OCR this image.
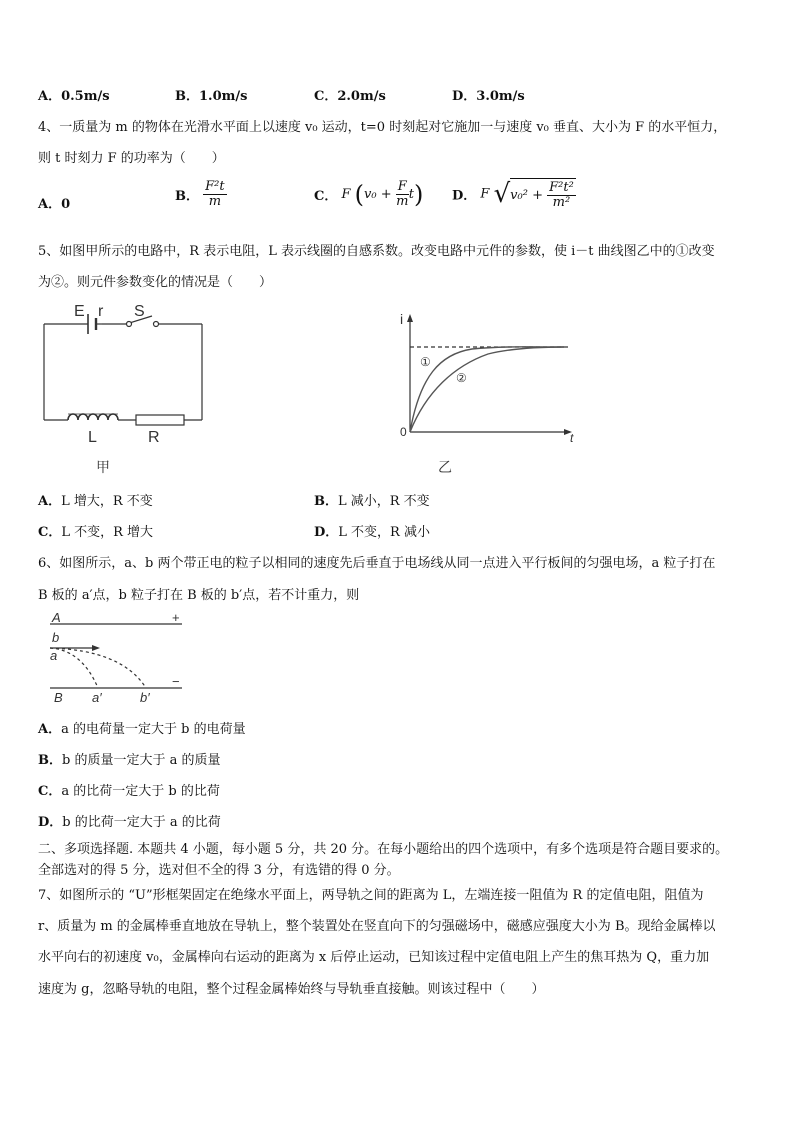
A．0.5m/s	B．1.0m/s	C．2.0m/s	D．3.0m/s
4、一质量为 m 的物体在光滑水平面上以速度 v₀ 运动，t=0 时刻起对它施加一与速度 v₀ 垂直、大小为 F 的水平恒力，
则 t 时刻力 F 的功率为（　　）
A．0
B． $\frac{\text{F²t}}{m}$	C． F $(v_0 + \frac{F}{m} t)$ D． F $√v_0^2 + \frac{\text{F²t²}}{\text{m²}}$
5、如图甲所示的电路中，R 表示电阻，L 表示线圈的自感系数。改变电路中元件的参数，使 i－t 曲线图乙中的①改变
为②。则元件参数变化的情况是（　　）
E r S
L	R
甲
i
t
0
①
②
乙
A．L 增大，R 不变	B．L 减小，R 不变
C．L 不变，R 增大	D．L 不变，R 减小
6、如图所示，a、b 两个带正电的粒子以相同的速度先后垂直于电场线从同一点进入平行板间的匀强电场，a 粒子打在
B 板的 a′点，b 粒子打在 B 板的 b′点，若不计重力，则
A	+
b
a
B a′	b′
−
A．a 的电荷量一定大于 b 的电荷量
B．b 的质量一定大于 a 的质量
C．a 的比荷一定大于 b 的比荷
D．b 的比荷一定大于 a 的比荷
二、多项选择题. 本题共 4 小题，每小题 5 分，共 20 分。在每小题给出的四个选项中，有多个选项是符合题目要求的。
全部选对的得 5 分，选对但不全的得 3 分，有选错的得 0 分。
7、如图所示的 “U”形框架固定在绝缘水平面上，两导轨之间的距离为 L，左端连接一阻值为 R 的定值电阻，阻值为
r、质量为 m 的金属棒垂直地放在导轨上，整个装置处在竖直向下的匀强磁场中，磁感应强度大小为 B。现给金属棒以
水平向右的初速度 v₀，金属棒向右运动的距离为 x 后停止运动，已知该过程中定值电阻上产生的焦耳热为 Q，重力加
速度为 g，忽略导轨的电阻，整个过程金属棒始终与导轨垂直接触。则该过程中（　　）
